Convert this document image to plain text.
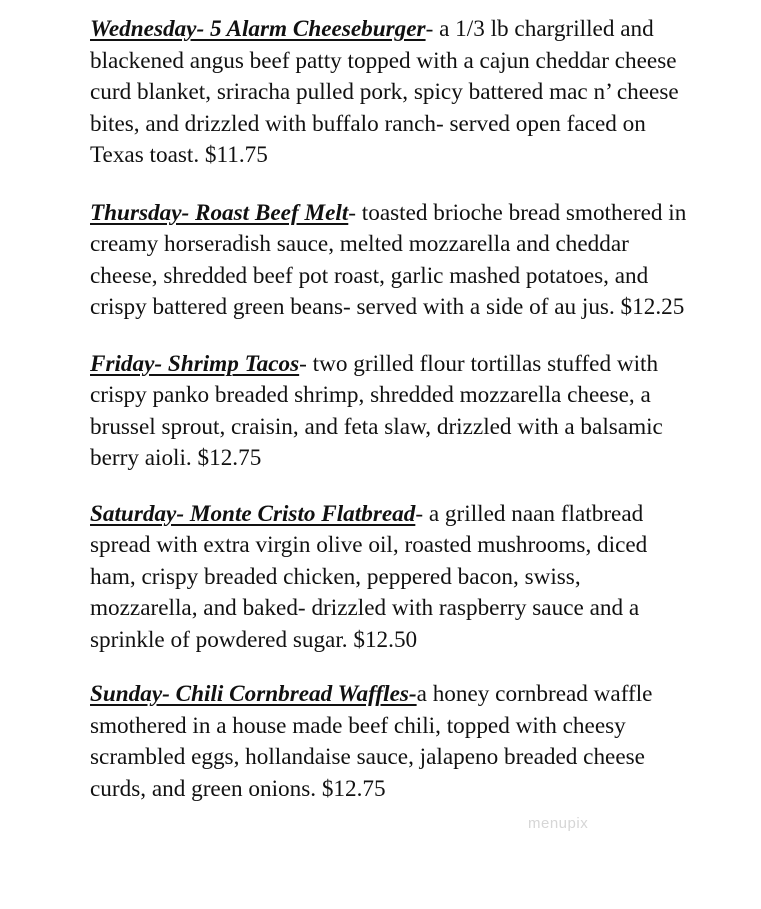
Wednesday- 5 Alarm Cheeseburger- a 1/3 lb chargrilled and blackened angus beef patty topped with a cajun cheddar cheese curd blanket, sriracha pulled pork, spicy battered mac n’ cheese bites, and drizzled with buffalo ranch- served open faced on Texas toast. $11.75

Thursday- Roast Beef Melt- toasted brioche bread smothered in creamy horseradish sauce, melted mozzarella and cheddar cheese, shredded beef pot roast, garlic mashed potatoes, and crispy battered green beans- served with a side of au jus. $12.25

Friday- Shrimp Tacos- two grilled flour tortillas stuffed with crispy panko breaded shrimp, shredded mozzarella cheese, a brussel sprout, craisin, and feta slaw, drizzled with a balsamic berry aioli. $12.75

Saturday- Monte Cristo Flatbread- a grilled naan flatbread spread with extra virgin olive oil, roasted mushrooms, diced ham, crispy breaded chicken, peppered bacon, swiss, mozzarella, and baked- drizzled with raspberry sauce and a sprinkle of powdered sugar. $12.50

Sunday- Chili Cornbread Waffles-a honey cornbread waffle smothered in a house made beef chili, topped with cheesy scrambled eggs, hollandaise sauce, jalapeno breaded cheese curds, and green onions. $12.75

menupix
